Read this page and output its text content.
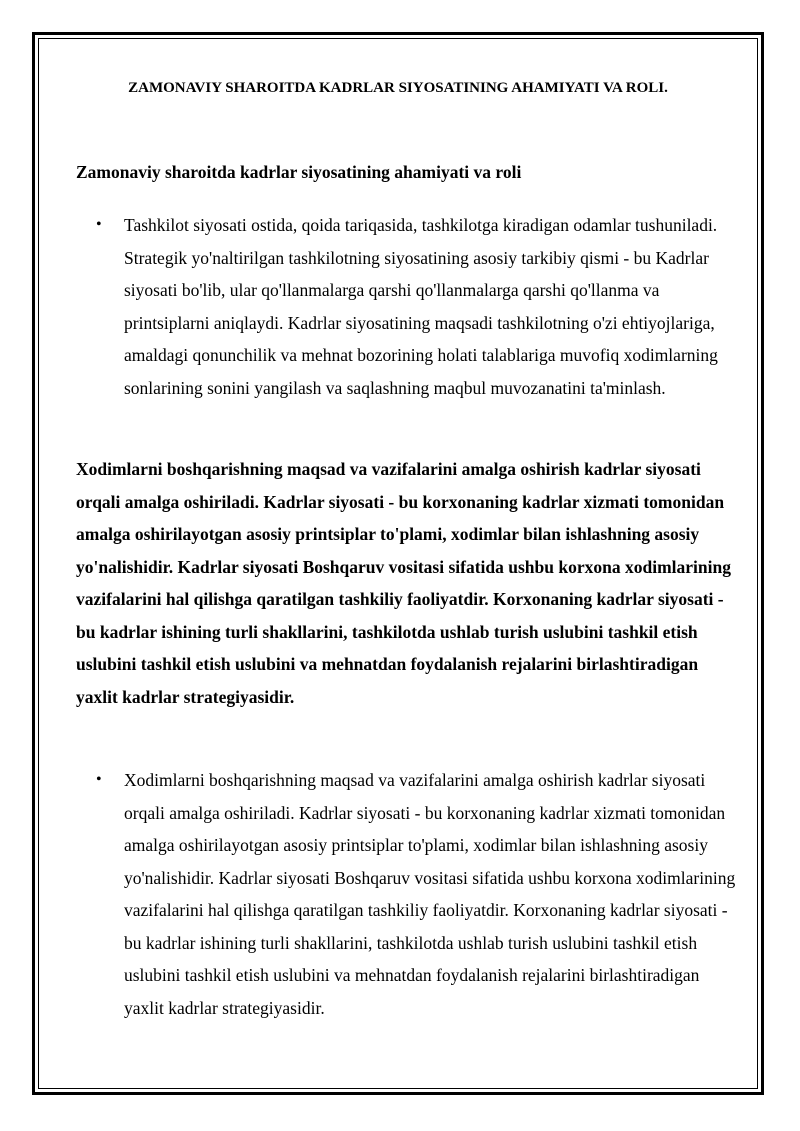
ZAMONAVIY SHAROITDA KADRLAR SIYOSATINING AHAMIYATI VA ROLI.
Zamonaviy sharoitda kadrlar siyosatining ahamiyati va roli
• Tashkilot siyosati ostida, qoida tariqasida, tashkilotga kiradigan odamlar tushuniladi. Strategik yo'naltirilgan tashkilotning siyosatining asosiy tarkibiy qismi - bu Kadrlar siyosati bo'lib, ular qo'llanmalarga qarshi qo'llanmalarga qarshi qo'llanma va printsiplarni aniqlaydi. Kadrlar siyosatining maqsadi tashkilotning o'zi ehtiyojlariga, amaldagi qonunchilik va mehnat bozorining holati talablariga muvofiq xodimlarning sonlarining sonini yangilash va saqlashning maqbul muvozanatini ta'minlash.
Xodimlarni boshqarishning maqsad va vazifalarini amalga oshirish kadrlar siyosati orqali amalga oshiriladi. Kadrlar siyosati - bu korxonaning kadrlar xizmati tomonidan amalga oshirilayotgan asosiy printsiplar to'plami, xodimlar bilan ishlashning asosiy yo'nalishidir. Kadrlar siyosati Boshqaruv vositasi sifatida ushbu korxona xodimlarining vazifalarini hal qilishga qaratilgan tashkiliy faoliyatdir. Korxonaning kadrlar siyosati - bu kadrlar ishining turli shakllarini, tashkilotda ushlab turish uslubini tashkil etish uslubini tashkil etish uslubini va mehnatdan foydalanish rejalarini birlashtiradigan yaxlit kadrlar strategiyasidir.
• Xodimlarni boshqarishning maqsad va vazifalarini amalga oshirish kadrlar siyosati orqali amalga oshiriladi. Kadrlar siyosati - bu korxonaning kadrlar xizmati tomonidan amalga oshirilayotgan asosiy printsiplar to'plami, xodimlar bilan ishlashning asosiy yo'nalishidir. Kadrlar siyosati Boshqaruv vositasi sifatida ushbu korxona xodimlarining vazifalarini hal qilishga qaratilgan tashkiliy faoliyatdir. Korxonaning kadrlar siyosati - bu kadrlar ishining turli shakllarini, tashkilotda ushlab turish uslubini tashkil etish uslubini tashkil etish uslubini va mehnatdan foydalanish rejalarini birlashtiradigan yaxlit kadrlar strategiyasidir.
